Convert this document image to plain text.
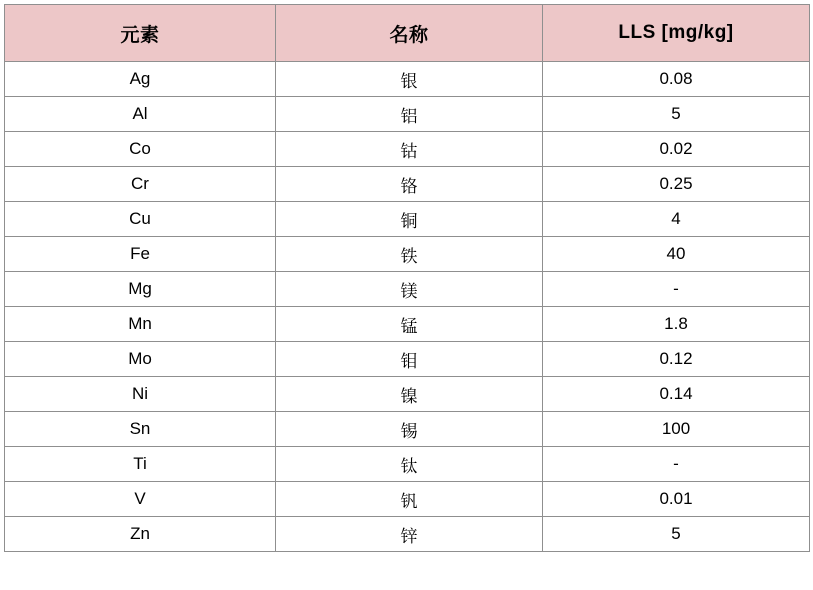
元素	名称	LLS [mg/kg]
Ag	银	0.08
Al	铝	5
Co	钴	0.02
Cr	铬	0.25
Cu	铜	4
Fe	铁	40
Mg	镁	-
Mn	锰	1.8
Mo	钼	0.12
Ni	镍	0.14
Sn	锡	100
Ti	钛	-
V	钒	0.01
Zn	锌	5
